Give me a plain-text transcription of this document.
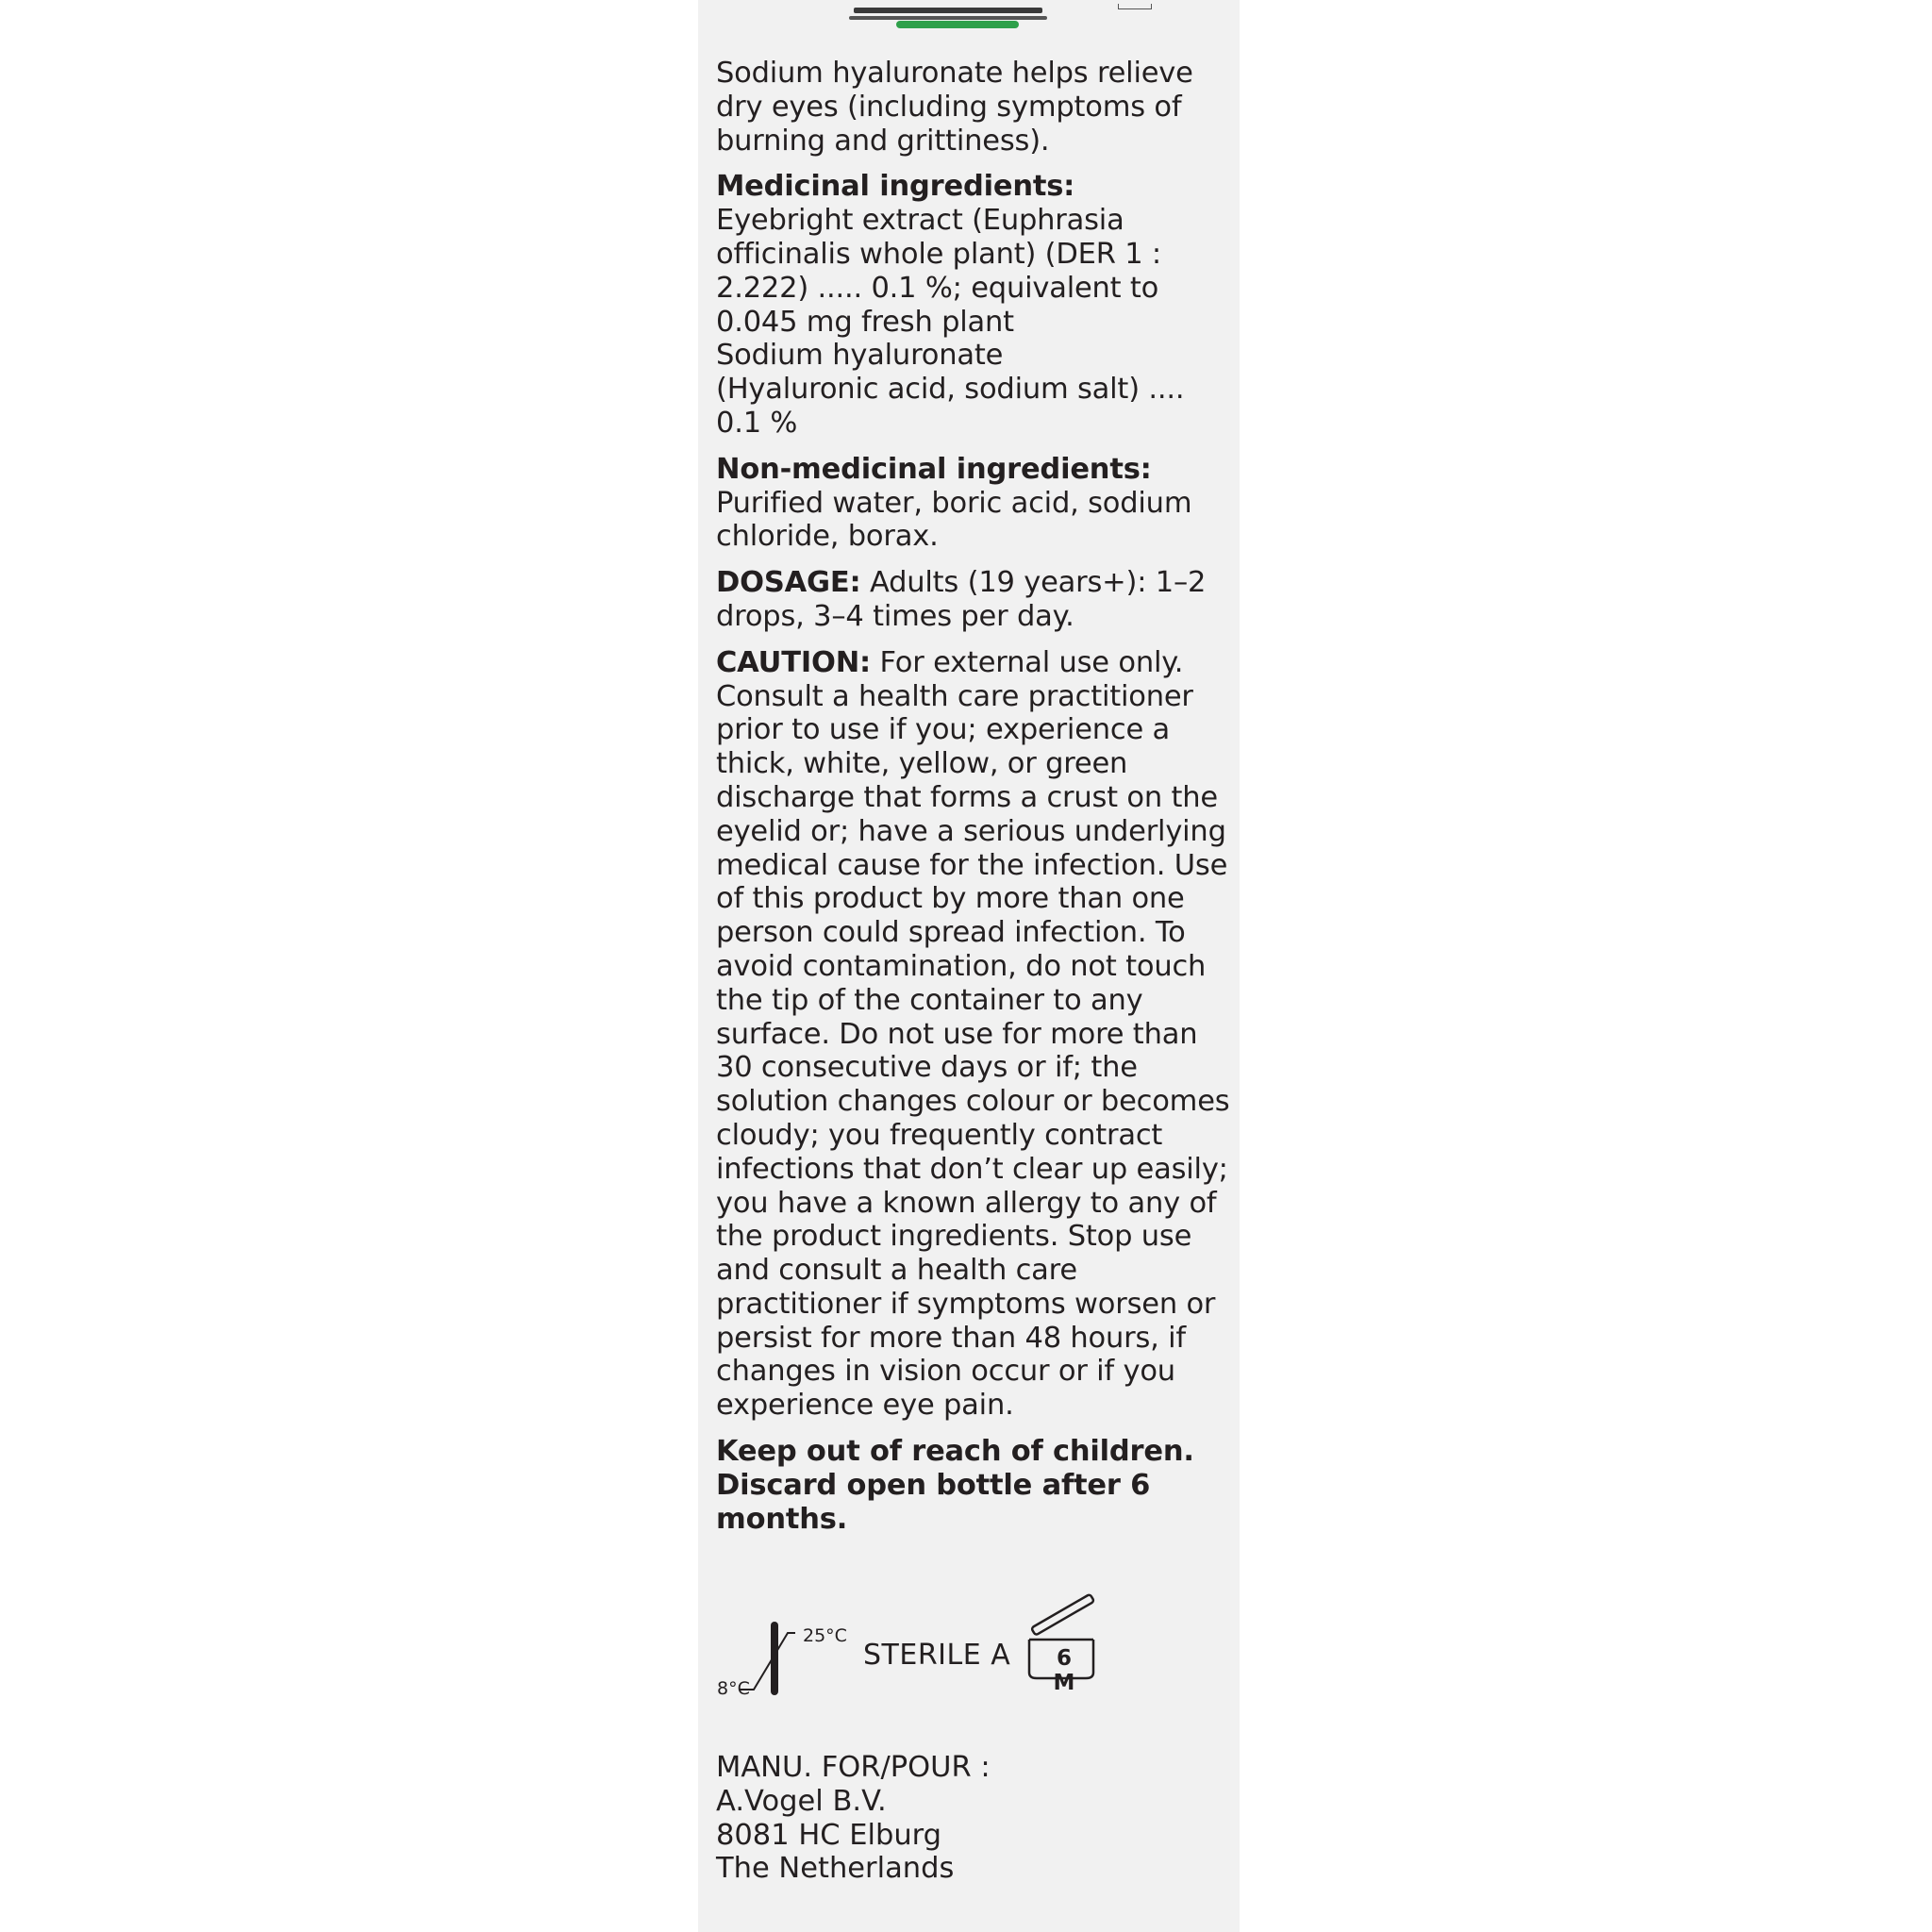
Sodium hyaluronate helps relieve dry eyes (including symptoms of burning and grittiness).

Medicinal ingredients:
Eyebright extract (Euphrasia officinalis whole plant) (DER 1 : 2.222) ..... 0.1 %; equivalent to 0.045 mg fresh plant
Sodium hyaluronate
(Hyaluronic acid, sodium salt) .... 0.1 %

Non-medicinal ingredients:
Purified water, boric acid, sodium chloride, borax.

DOSAGE: Adults (19 years+): 1–2 drops, 3–4 times per day.

CAUTION: For external use only. Consult a health care practitioner prior to use if you; experience a thick, white, yellow, or green discharge that forms a crust on the eyelid or; have a serious underlying medical cause for the infection. Use of this product by more than one person could spread infection. To avoid contamination, do not touch the tip of the container to any surface. Do not use for more than 30 consecutive days or if; the solution changes colour or becomes cloudy; you frequently contract infections that don’t clear up easily; you have a known allergy to any of the product ingredients. Stop use and consult a health care practitioner if symptoms worsen or persist for more than 48 hours, if changes in vision occur or if you experience eye pain.

Keep out of reach of children.
Discard open bottle after 6 months.

25°C
8°C
STERILE A	6 M
MANU. FOR/POUR :
A.Vogel B.V.
8081 HC Elburg
The Netherlands
